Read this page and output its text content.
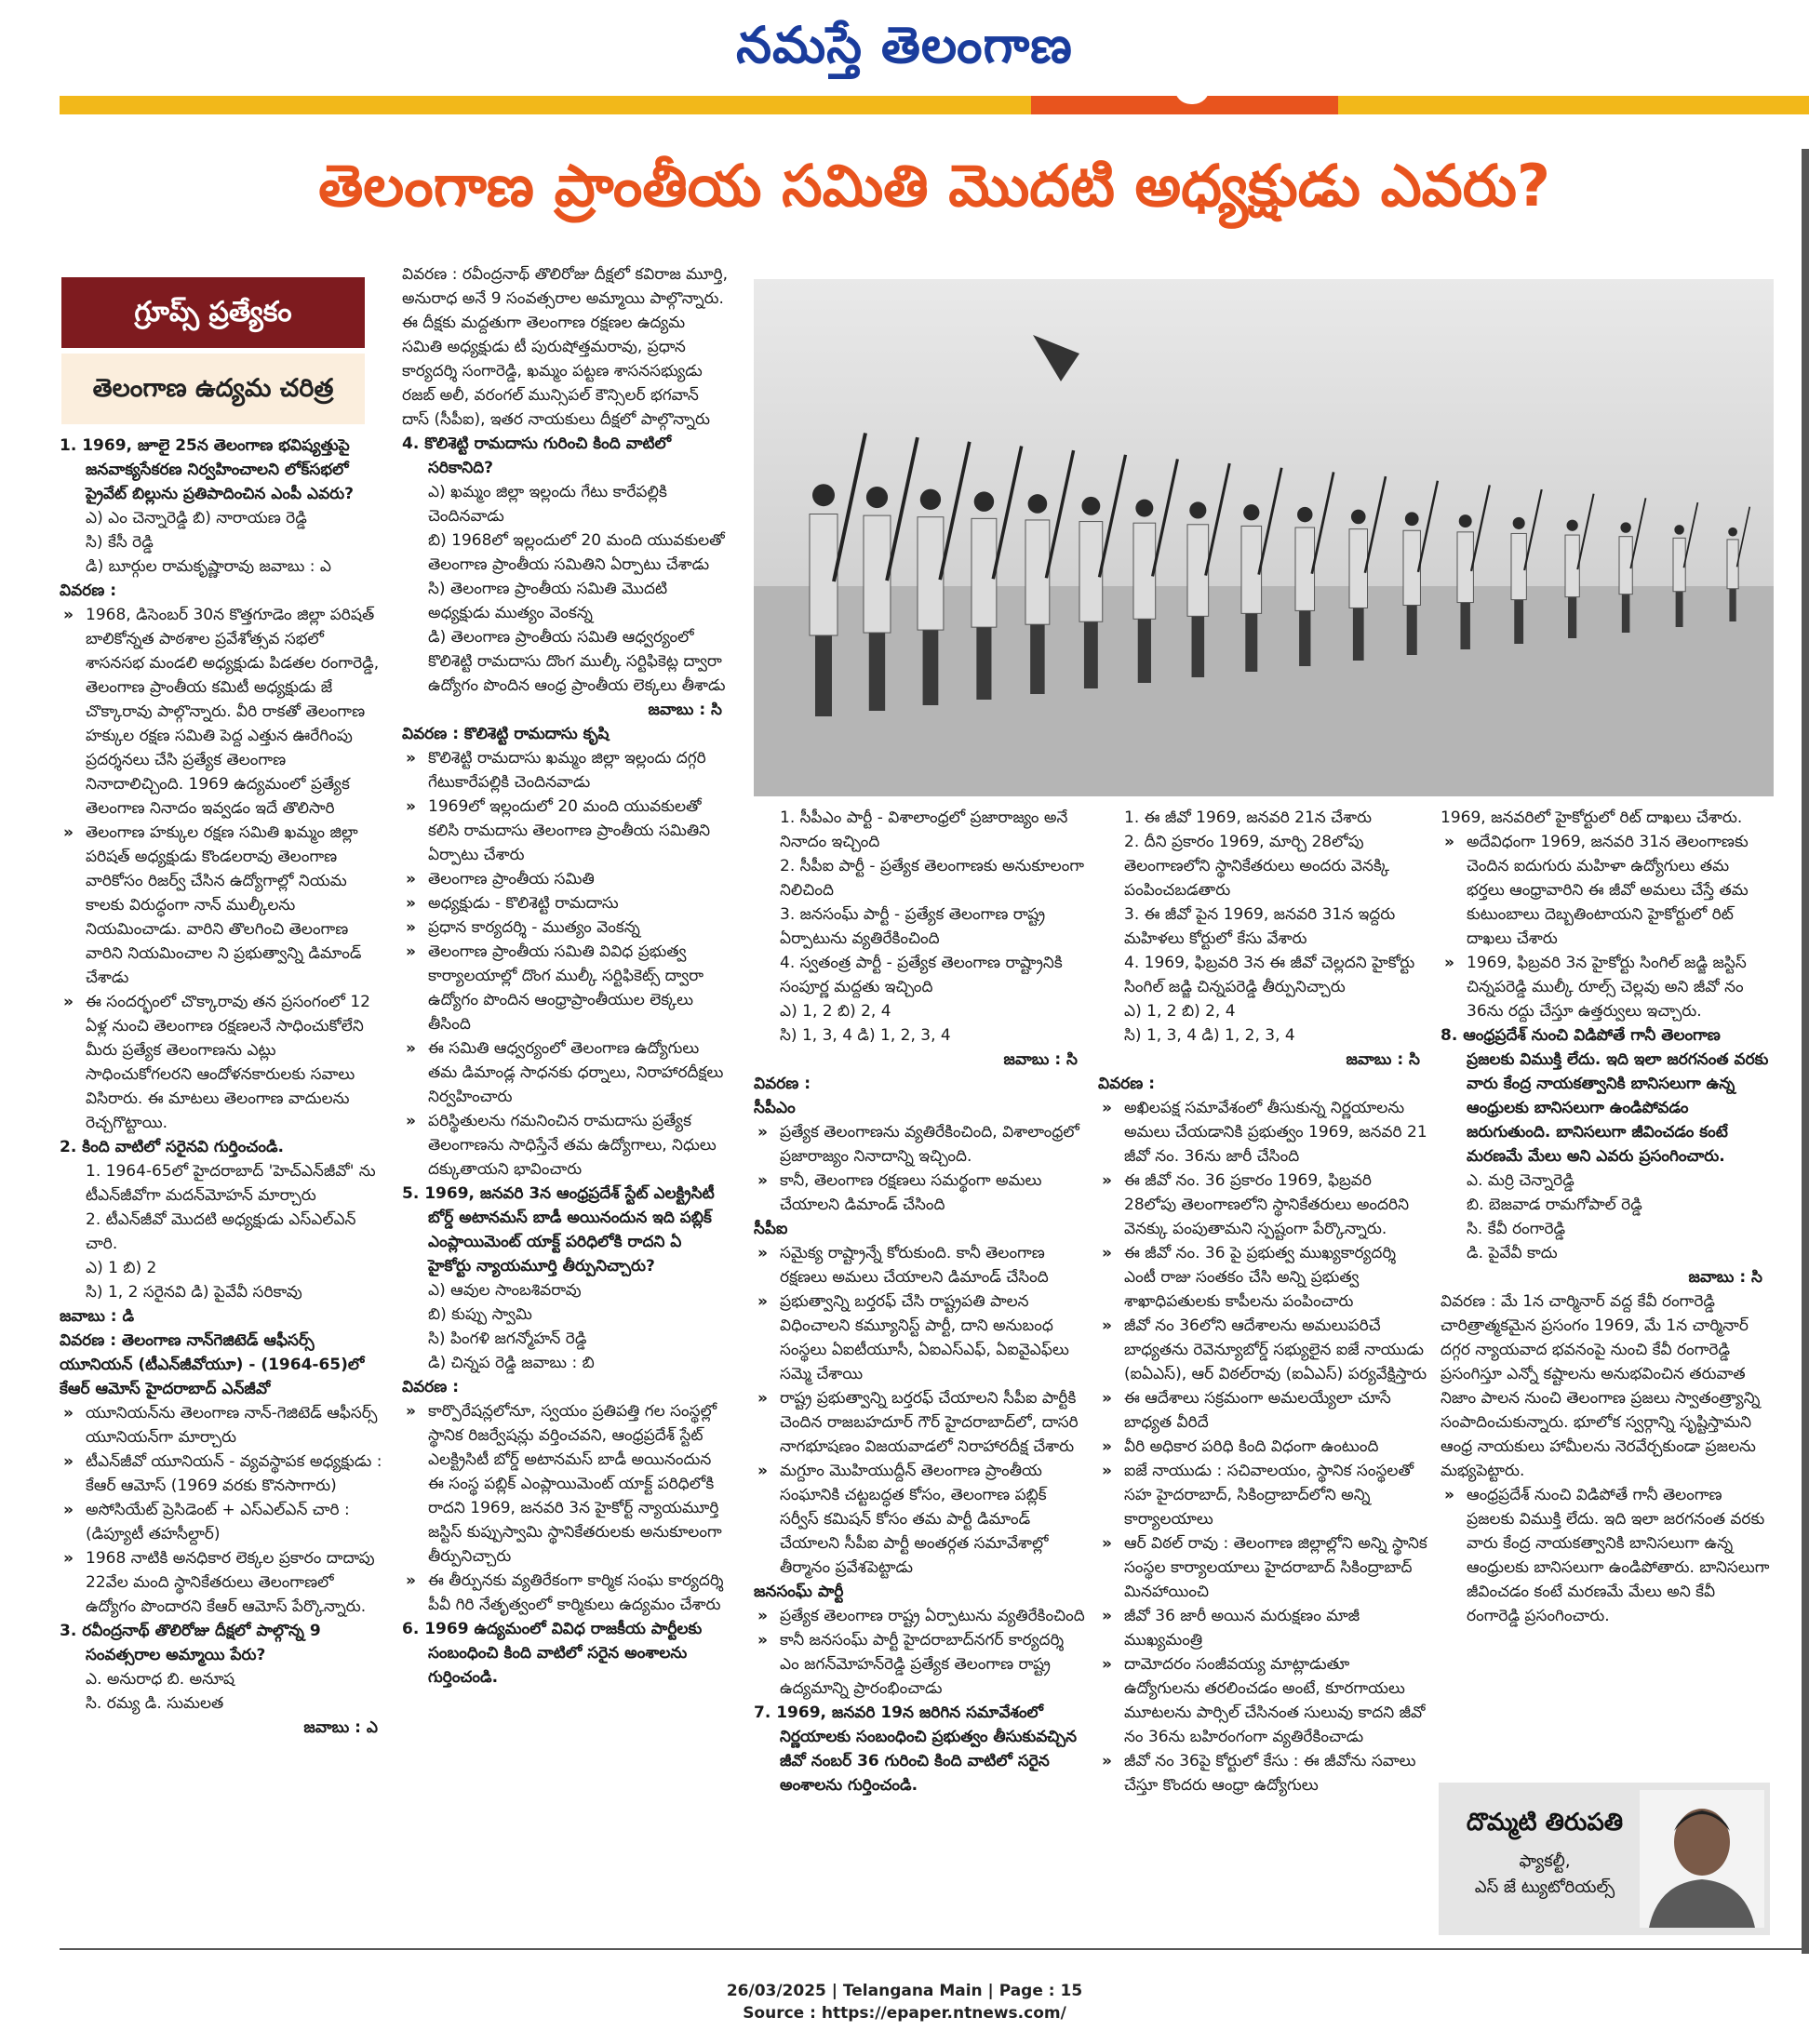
నమస్తే తెలంగాణ
తెలంగాణ ప్రాంతీయ సమితి మొదటి అధ్యక్షుడు ఎవరు?
గ్రూప్స్ ప్రత్యేకం
తెలంగాణ ఉద్యమ చరిత్ర

1. 1969, జూలై 25న తెలంగాణ భవిష్యత్తుపై జనవాక్యసేకరణ నిర్వహించాలని లోక్‌సభలో ప్రైవేట్ బిల్లును ప్రతిపాదించిన ఎంపీ ఎవరు?

ఎ) ఎం చెన్నారెడ్డి బి) నారాయణ రెడ్డి

సి) కేసీ రెడ్డి

డి) బూర్గుల రామకృష్ణారావు జవాబు : ఎ

వివరణ :

» 1968, డిసెంబర్ 30న కొత్తగూడెం జిల్లా పరిషత్ బాలికోన్నత పాఠశాల ప్రవేశోత్సవ సభలో శాసనసభ మండలి అధ్యక్షుడు పిడతల రంగారెడ్డి, తెలంగాణ ప్రాంతీయ కమిటీ అధ్యక్షుడు జే చొక్కారావు పాల్గొన్నారు. వీరి రాకతో తెలంగాణ హక్కుల రక్షణ సమితి పెద్ద ఎత్తున ఊరేగింపు ప్రదర్శనలు చేసి ప్రత్యేక తెలంగాణ నినాదాలిచ్చింది. 1969 ఉద్యమంలో ప్రత్యేక తెలంగాణ నినాదం ఇవ్వడం ఇదే తొలిసారి

» తెలంగాణ హక్కుల రక్షణ సమితి ఖమ్మం జిల్లా పరిషత్ అధ్యక్షుడు కొండలరావు తెలంగాణ వారికోసం రిజర్వ్ చేసిన ఉద్యోగాల్లో నియమ కాలకు విరుద్ధంగా నాన్ ముల్కీలను నియమించాడు. వారిని తొలగించి తెలంగాణ వారిని నియమించాల ని ప్రభుత్వాన్ని డిమాండ్ చేశాడు

» ఈ సందర్భంలో చొక్కారావు తన ప్రసంగంలో 12 ఏళ్ల నుంచి తెలంగాణ రక్షణలనే సాధించుకోలేని మీరు ప్రత్యేక తెలంగాణను ఎట్లు సాధించుకోగలరని ఆందోళనకారులకు సవాలు విసిరారు. ఈ మాటలు తెలంగాణ వాదులను రెచ్చగొట్టాయి.

2. కింది వాటిలో సరైనవి గుర్తించండి.

1. 1964-65లో హైదరాబాద్ 'హెచ్‌ఎన్‌జీవో' ను టీఎన్‌జీవోగా మదన్‌మోహన్ మార్చారు

2. టీఎన్‌జీవో మొదటి అధ్యక్షుడు ఎస్‌ఎల్‌ఎన్ చారి.

ఎ) 1 బి) 2

సి) 1, 2 సరైనవి డి) పైవేవీ సరికావు

జవాబు : డి

వివరణ : తెలంగాణ నాన్‌గెజిటెడ్ ఆఫీసర్స్ యూనియన్ (టీఎన్‌జీవోయూ) - (1964-65)లో కేఆర్ ఆమోస్ హైదరాబాద్ ఎన్‌జీవో

» యూనియన్‌ను తెలంగాణ నాన్-గెజిటెడ్ ఆఫీసర్స్ యూనియన్‌గా మార్చారు

» టీఎన్‌జీవో యూనియన్ - వ్యవస్థాపక అధ్యక్షుడు : కేఆర్ ఆమోస్ (1969 వరకు కొనసాగారు)

» అసోసియేట్ ప్రెసిడెంట్ + ఎస్‌ఎల్‌ఎన్ చారి : (డిప్యూటీ తహసీల్దార్)

» 1968 నాటికి అనధికార లెక్కల ప్రకారం దాదాపు 22వేల మంది స్థానికేతరులు తెలంగాణలో ఉద్యోగం పొందారని కేఆర్ ఆమోస్ పేర్కొన్నారు.

3. రవీంద్రనాథ్ తొలిరోజు దీక్షలో పాల్గొన్న 9 సంవత్సరాల అమ్మాయి పేరు?

ఎ. అనురాధ బి. అనూష

సి. రమ్య డి. సుమలత

జవాబు : ఎ

వివరణ : రవీంద్రనాథ్ తొలిరోజు దీక్షలో కవిరాజ మూర్తి, అనురాధ అనే 9 సంవత్సరాల అమ్మాయి పాల్గొన్నారు. ఈ దీక్షకు మద్దతుగా తెలంగాణ రక్షణల ఉద్యమ సమితి అధ్యక్షుడు టీ పురుషోత్తమరావు, ప్రధాన కార్యదర్శి సంగారెడ్డి, ఖమ్మం పట్టణ శాసనసభ్యుడు రజబ్ అలీ, వరంగల్ మున్సిపల్ కౌన్సిలర్ భగవాన్ దాస్ (సీపీఐ), ఇతర నాయకులు దీక్షలో పాల్గొన్నారు

4. కొలిశెట్టి రామదాసు గురించి కింది వాటిలో సరికానిది?

ఎ) ఖమ్మం జిల్లా ఇల్లందు గేటు కారేపల్లికి చెందినవాడు

బి) 1968లో ఇల్లందులో 20 మంది యువకులతో తెలంగాణ ప్రాంతీయ సమితిని ఏర్పాటు చేశాడు

సి) తెలంగాణ ప్రాంతీయ సమితి మొదటి అధ్యక్షుడు ముత్యం వెంకన్న

డి) తెలంగాణ ప్రాంతీయ సమితి ఆధ్వర్యంలో కొలిశెట్టి రామదాసు దొంగ ముల్కీ సర్టిఫికెట్ల ద్వారా ఉద్యోగం పొందిన ఆంధ్ర ప్రాంతీయ లెక్కలు తీశాడు

జవాబు : సి

వివరణ : కొలిశెట్టి రామదాసు కృషి

» కొలిశెట్టి రామదాసు ఖమ్మం జిల్లా ఇల్లందు దగ్గరి గేటుకారేపల్లికి చెందినవాడు

» 1969లో ఇల్లందులో 20 మంది యువకులతో కలిసి రామదాసు తెలంగాణ ప్రాంతీయ సమితిని ఏర్పాటు చేశారు

» తెలంగాణ ప్రాంతీయ సమితి

» అధ్యక్షుడు - కొలిశెట్టి రామదాసు

» ప్రధాన కార్యదర్శి - ముత్యం వెంకన్న

» తెలంగాణ ప్రాంతీయ సమితి వివిధ ప్రభుత్వ కార్యాలయాల్లో దొంగ ముల్కీ సర్టిఫికెట్స్ ద్వారా ఉద్యోగం పొందిన ఆంధ్రాప్రాంతీయుల లెక్కలు తీసింది

» ఈ సమితి ఆధ్వర్యంలో తెలంగాణ ఉద్యోగులు తమ డిమాండ్ల సాధనకు ధర్నాలు, నిరాహారదీక్షలు నిర్వహించారు

» పరిస్థితులను గమనించిన రామదాసు ప్రత్యేక తెలంగాణను సాధిస్తేనే తమ ఉద్యోగాలు, నిధులు దక్కుతాయని భావించారు

5. 1969, జనవరి 3న ఆంధ్రప్రదేశ్ స్టేట్ ఎలక్ట్రిసిటీ బోర్డ్ అటానమస్ బాడీ అయినందున ఇది పబ్లిక్ ఎంప్లాయిమెంట్ యాక్ట్ పరిధిలోకి రాదని ఏ హైకోర్టు న్యాయమూర్తి తీర్పునిచ్చారు?

ఎ) ఆవుల సాంబశివరావు

బి) కుప్పు స్వామి

సి) పింగళి జగన్మోహన్ రెడ్డి

డి) చిన్నప రెడ్డి జవాబు : బి

వివరణ :

» కార్పొరేషన్లలోనూ, స్వయం ప్రతిపత్తి గల సంస్థల్లో స్థానిక రిజర్వేషన్లు వర్తించవని, ఆంధ్రప్రదేశ్ స్టేట్ ఎలక్ట్రిసిటీ బోర్డ్ అటానమస్ బాడీ అయినందున ఈ సంస్థ పబ్లిక్ ఎంప్లాయిమెంట్ యాక్ట్ పరిధిలోకి రాదని 1969, జనవరి 3న హైకోర్ట్ న్యాయమూర్తి జస్టిస్ కుప్పుస్వామి స్థానికేతరులకు అనుకూలంగా తీర్పునిచ్చారు

» ఈ తీర్పునకు వ్యతిరేకంగా కార్మిక సంఘ కార్యదర్శి పీవీ గిరి నేతృత్వంలో కార్మికులు ఉద్యమం చేశారు

6. 1969 ఉద్యమంలో వివిధ రాజకీయ పార్టీలకు సంబంధించి కింది వాటిలో సరైన అంశాలను గుర్తించండి.

1. సీపీఎం పార్టీ - విశాలాంధ్రలో ప్రజారాజ్యం అనే నినాదం ఇచ్చింది

2. సీపీఐ పార్టీ - ప్రత్యేక తెలంగాణకు అనుకూలంగా నిలిచింది

3. జనసంఘ్ పార్టీ - ప్రత్యేక తెలంగాణ రాష్ట్ర ఏర్పాటును వ్యతిరేకించింది

4. స్వతంత్ర పార్టీ - ప్రత్యేక తెలంగాణ రాష్ట్రానికి సంపూర్ణ మద్దతు ఇచ్చింది

ఎ) 1, 2 బి) 2, 4

సి) 1, 3, 4 డి) 1, 2, 3, 4

జవాబు : సి

వివరణ :

సీపీఎం

» ప్రత్యేక తెలంగాణను వ్యతిరేకించింది, విశాలాంధ్రలో ప్రజారాజ్యం నినాదాన్ని ఇచ్చింది.

» కానీ, తెలంగాణ రక్షణలు సమర్థంగా అమలు చేయాలని డిమాండ్ చేసింది

సీపీఐ

» సమైక్య రాష్ట్రాన్నే కోరుకుంది. కానీ తెలంగాణ రక్షణలు అమలు చేయాలని డిమాండ్ చేసింది

» ప్రభుత్వాన్ని బర్తరఫ్ చేసి రాష్ట్రపతి పాలన విధించాలని కమ్యూనిస్ట్ పార్టీ, దాని అనుబంధ సంస్థలు ఏఐటీయూసీ, ఏఐఎస్‌ఎఫ్, ఏఐవైఎఫ్‌లు సమ్మె చేశాయి

» రాష్ట్ర ప్రభుత్వాన్ని బర్తరఫ్ చేయాలని సీపీఐ పార్టీకి చెందిన రాజబహదూర్ గౌర్ హైదరాబాద్‌లో, దాసరి నాగభూషణం విజయవాడలో నిరాహారదీక్ష చేశారు

» మగ్దూం మొహియుద్దీన్ తెలంగాణ ప్రాంతీయ సంఘానికి చట్టబద్ధత కోసం, తెలంగాణ పబ్లిక్ సర్వీస్ కమిషన్ కోసం తమ పార్టీ డిమాండ్ చేయాలని సీపీఐ పార్టీ అంతర్గత సమావేశాల్లో తీర్మానం ప్రవేశపెట్టాడు

జనసంఘ్ పార్టీ

» ప్రత్యేక తెలంగాణ రాష్ట్ర ఏర్పాటును వ్యతిరేకించింది

» కానీ జనసంఘ్ పార్టీ హైదరాబాద్‌నగర్ కార్యదర్శి ఎం జగన్‌మోహన్‌రెడ్డి ప్రత్యేక తెలంగాణ రాష్ట్ర ఉద్యమాన్ని ప్రారంభించాడు

7. 1969, జనవరి 19న జరిగిన సమావేశంలో నిర్ణయాలకు సంబంధించి ప్రభుత్వం తీసుకువచ్చిన జీవో నంబర్ 36 గురించి కింది వాటిలో సరైన అంశాలను గుర్తించండి.

1. ఈ జీవో 1969, జనవరి 21న చేశారు

2. దీని ప్రకారం 1969, మార్చి 28లోపు తెలంగాణలోని స్థానికేతరులు అందరు వెనక్కి పంపించబడతారు

3. ఈ జీవో పైన 1969, జనవరి 31న ఇద్దరు మహిళలు కోర్టులో కేసు వేశారు

4. 1969, ఫిబ్రవరి 3న ఈ జీవో చెల్లదని హైకోర్టు సింగిల్ జడ్జి చిన్నపరెడ్డి తీర్పునిచ్చారు

ఎ) 1, 2 బి) 2, 4

సి) 1, 3, 4 డి) 1, 2, 3, 4

జవాబు : సి

వివరణ :

» అఖిలపక్ష సమావేశంలో తీసుకున్న నిర్ణయాలను అమలు చేయడానికి ప్రభుత్వం 1969, జనవరి 21 జీవో నం. 36ను జారీ చేసింది

» ఈ జీవో నం. 36 ప్రకారం 1969, ఫిబ్రవరి 28లోపు తెలంగాణలోని స్థానికేతరులు అందరిని వెనక్కు పంపుతామని స్పష్టంగా పేర్కొన్నారు.

» ఈ జీవో నం. 36 పై ప్రభుత్వ ముఖ్యకార్యదర్శి ఎంటీ రాజు సంతకం చేసి అన్ని ప్రభుత్వ శాఖాధిపతులకు కాపీలను పంపించారు

» జీవో నం 36లోని ఆదేశాలను అమలుపరిచే బాధ్యతను రెవెన్యూబోర్డ్ సభ్యులైన ఐజే నాయుడు (ఐఏఎస్), ఆర్ విఠల్‌రావు (ఐఏఎస్) పర్యవేక్షిస్తారు

» ఈ ఆదేశాలు సక్రమంగా అమలయ్యేలా చూసే బాధ్యత వీరిదే

» వీరి అధికార పరిధి కింది విధంగా ఉంటుంది

» ఐజే నాయుడు : సచివాలయం, స్థానిక సంస్థలతో సహ హైదరాబాద్, సికింద్రాబాద్‌లోని అన్ని కార్యాలయాలు

» ఆర్ విఠల్ రావు : తెలంగాణ జిల్లాల్లోని అన్ని స్థానిక సంస్థల కార్యాలయాలు హైదరాబాద్ సికింద్రాబాద్ మినహాయించి

» జీవో 36 జారీ అయిన మరుక్షణం మాజీ ముఖ్యమంత్రి

» దామోదరం సంజీవయ్య మాట్లాడుతూ ఉద్యోగులను తరలించడం అంటే, కూరగాయలు మూటలను పార్సిల్ చేసినంత సులువు కాదని జీవో నం 36ను బహిరంగంగా వ్యతిరేకించాడు

» జీవో నం 36పై కోర్టులో కేసు : ఈ జీవోను సవాలు చేస్తూ కొందరు ఆంధ్రా ఉద్యోగులు

1969, జనవరిలో హైకోర్టులో రిట్ దాఖలు చేశారు.

» అదేవిధంగా 1969, జనవరి 31న తెలంగాణకు చెందిన ఐదుగురు మహిళా ఉద్యోగులు తమ భర్తలు ఆంధ్రావారిని ఈ జీవో అమలు చేస్తే తమ కుటుంబాలు దెబ్బతింటాయని హైకోర్టులో రిట్ దాఖలు చేశారు

» 1969, ఫిబ్రవరి 3న హైకోర్టు సింగిల్ జడ్జి జస్టిస్ చిన్నపరెడ్డి ముల్కీ రూల్స్ చెల్లవు అని జీవో నం 36ను రద్దు చేస్తూ ఉత్తర్వులు ఇచ్చారు.

8. ఆంధ్రప్రదేశ్ నుంచి విడిపోతే గానీ తెలంగాణ ప్రజలకు విముక్తి లేదు. ఇది ఇలా జరగనంత వరకు వారు కేంద్ర నాయకత్వానికి బానిసలుగా ఉన్న ఆంధ్రులకు బానిసలుగా ఉండిపోవడం జరుగుతుంది. బానిసలుగా జీవించడం కంటే మరణమే మేలు అని ఎవరు ప్రసంగించారు.

ఎ. మర్రి చెన్నారెడ్డి

బి. బెజవాడ రామగోపాల్ రెడ్డి

సి. కేవీ రంగారెడ్డి

డి. పైవేవీ కాదు

జవాబు : సి

వివరణ : మే 1న చార్మినార్ వద్ద కేవీ రంగారెడ్డి చారిత్రాత్మకమైన ప్రసంగం 1969, మే 1న చార్మినార్ దగ్గర న్యాయవాద భవనంపై నుంచి కేవీ రంగారెడ్డి ప్రసంగిస్తూ ఎన్నో కష్టాలను అనుభవించిన తరువాత నిజాం పాలన నుంచి తెలంగాణ ప్రజలు స్వాతంత్ర్యాన్ని సంపాదించుకున్నారు. భూలోక స్వర్గాన్ని సృష్టిస్తామని ఆంధ్ర నాయకులు హామీలను నెరవేర్చకుండా ప్రజలను మభ్యపెట్టారు.

» ఆంధ్రప్రదేశ్ నుంచి విడిపోతే గానీ తెలంగాణ ప్రజలకు విముక్తి లేదు. ఇది ఇలా జరగనంత వరకు వారు కేంద్ర నాయకత్వానికి బానిసలుగా ఉన్న ఆంధ్రులకు బానిసలుగా ఉండిపోతారు. బానిసలుగా జీవించడం కంటే మరణమే మేలు అని కేవీ రంగారెడ్డి ప్రసంగించారు.

దొమ్మటి తిరుపతి
ఫ్యాకల్టీ,
ఎస్ జే ట్యుటోరియల్స్
26/03/2025 | Telangana Main | Page : 15
Source : https://epaper.ntnews.com/
